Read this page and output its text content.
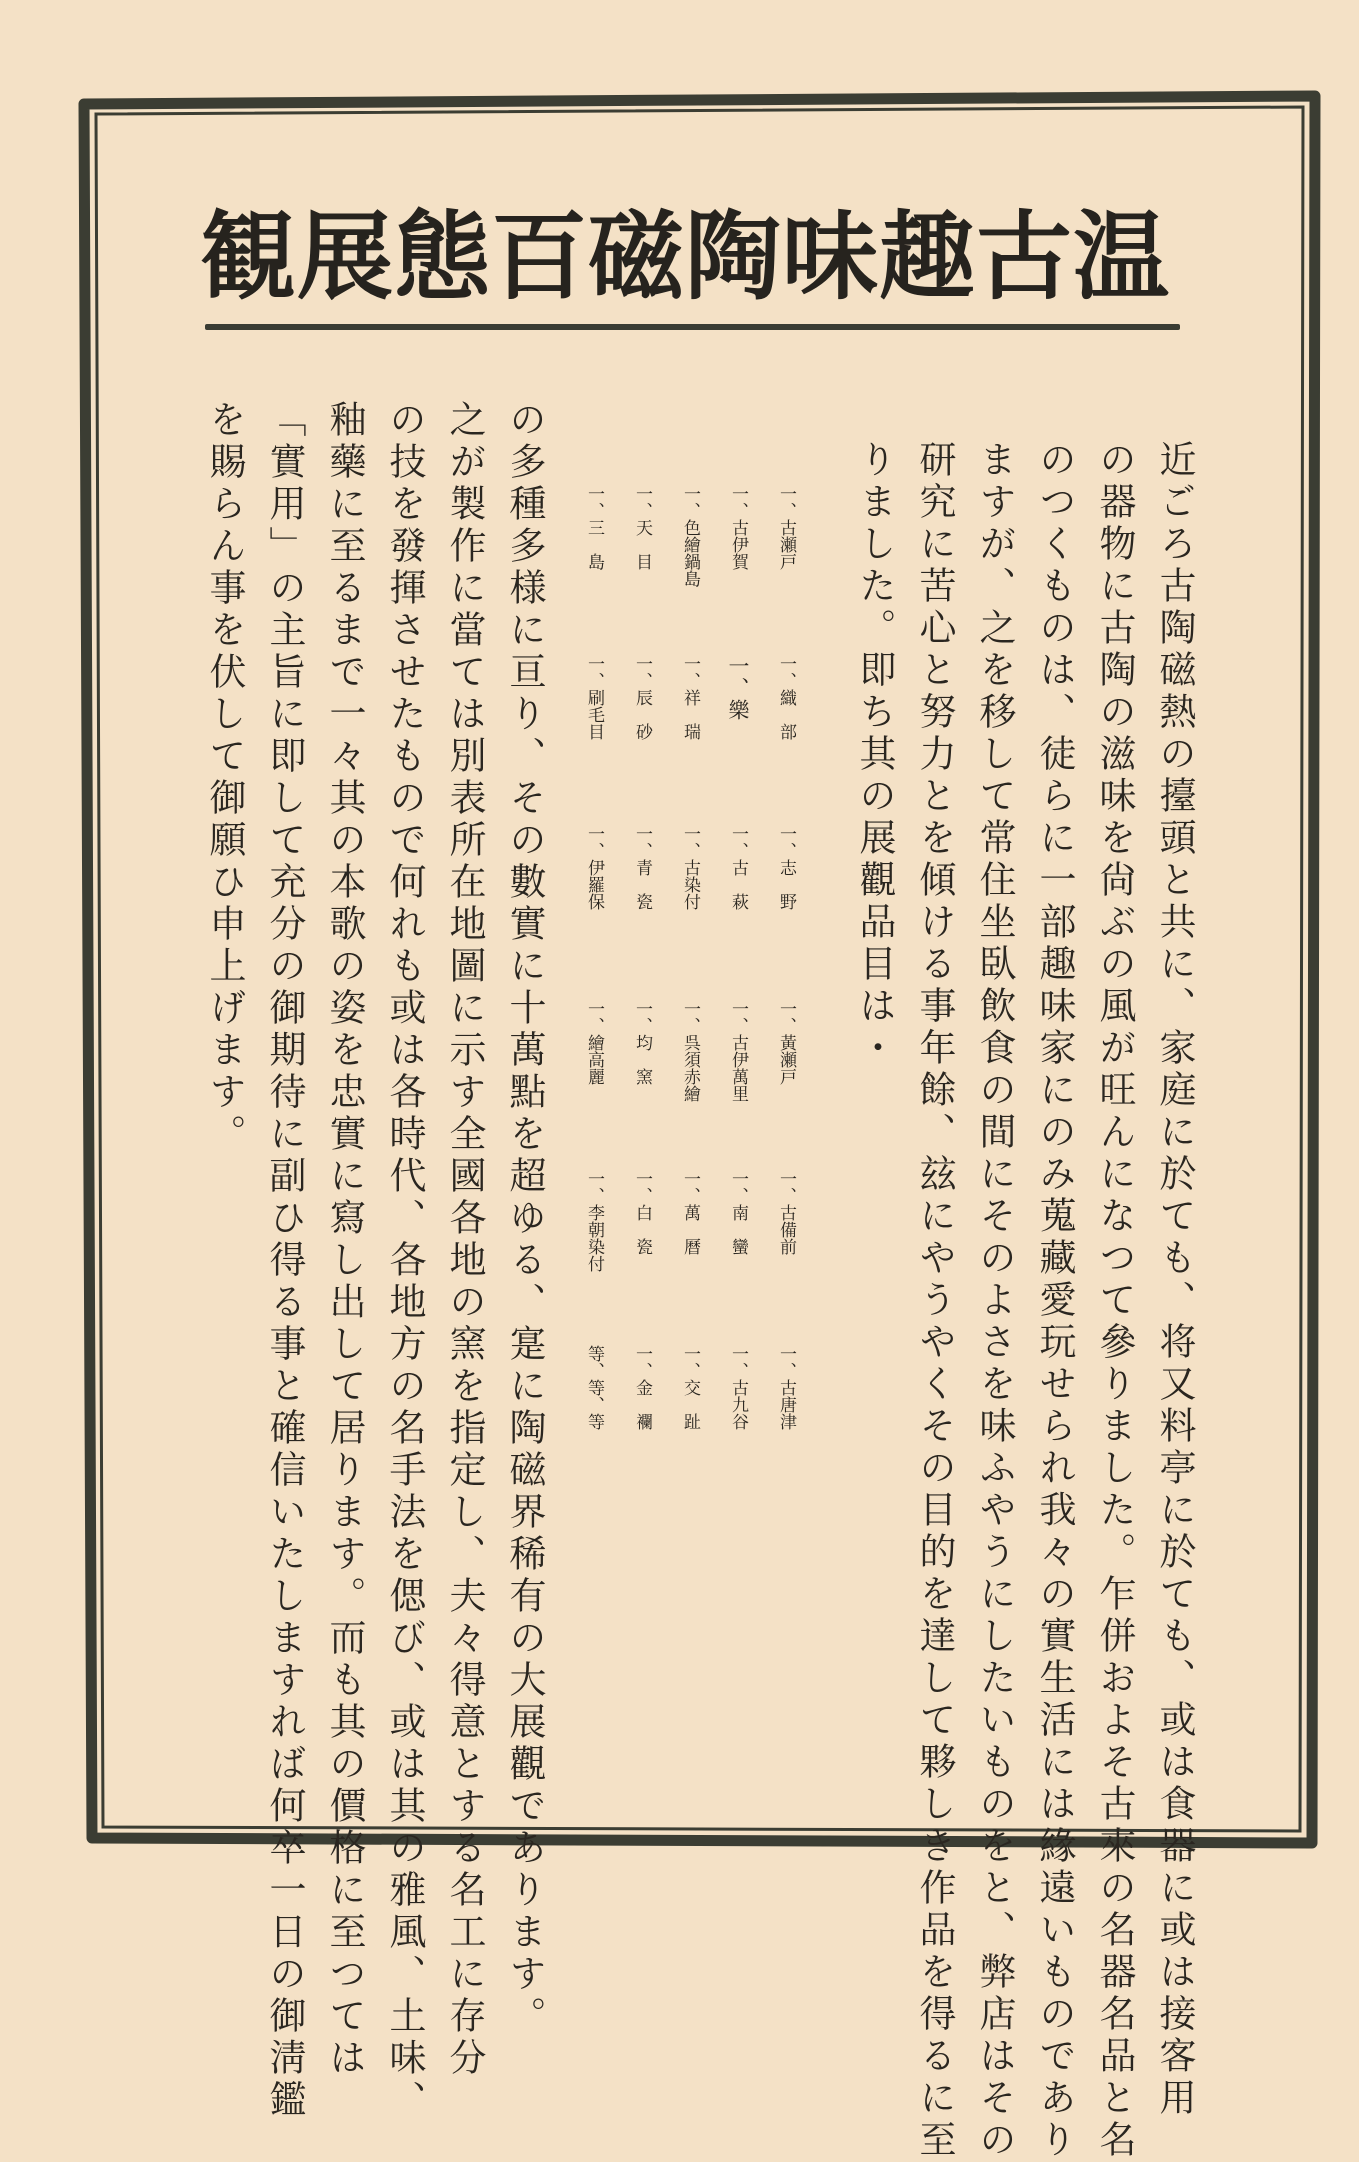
観展態百磁陶味趣古温
近ごろ古陶磁熱の擡頭と共に、家庭に於ても、将又料亭に於ても、或は食器に或は接客用
の器物に古陶の滋味を尙ぶの風が旺んになつて參りました。乍併およそ古來の名器名品と名
のつくものは、徒らに一部趣味家にのみ蒐藏愛玩せられ我々の實生活には緣遠いものであり
ますが、之を移して常住坐臥飲食の間にそのよさを味ふやうにしたいものをと、弊店はその
研究に苦心と努力とを傾ける事年餘、玆にやうやくその目的を達して夥しき作品を得るに至
りました。即ち其の展觀品目は・
一、古瀬戸
一、織　部
一、志　野
一、黃瀬戸
一、古備前
一、古唐津
一、古伊賀
一、樂
一、古　萩
一、古伊萬里
一、南　蠻
一、古九谷
一、色繪鍋島
一、祥　瑞
一、古染付
一、呉須赤繪
一、萬　曆
一、交　趾
一、天　目
一、辰　砂
一、青　瓷
一、均　窯
一、白　瓷
一、金　襴
一、三　島
一、刷毛目
一、伊羅保
一、繪高麗
一、李朝染付
等、等、等
の多種多様に亘り、その數實に十萬點を超ゆる、寔に陶磁界稀有の大展觀であります。
之が製作に當ては別表所在地圖に示す全國各地の窯を指定し、夫々得意とする名工に存分
の技を發揮させたもので何れも或は各時代、各地方の名手法を偲び、或は其の雅風、土味、
釉藥に至るまで一々其の本歌の姿を忠實に寫し出して居ります。而も其の價格に至つては
「實用」の主旨に即して充分の御期待に副ひ得る事と確信いたしますれば何卒一日の御淸鑑
を賜らん事を伏して御願ひ申上げます。
